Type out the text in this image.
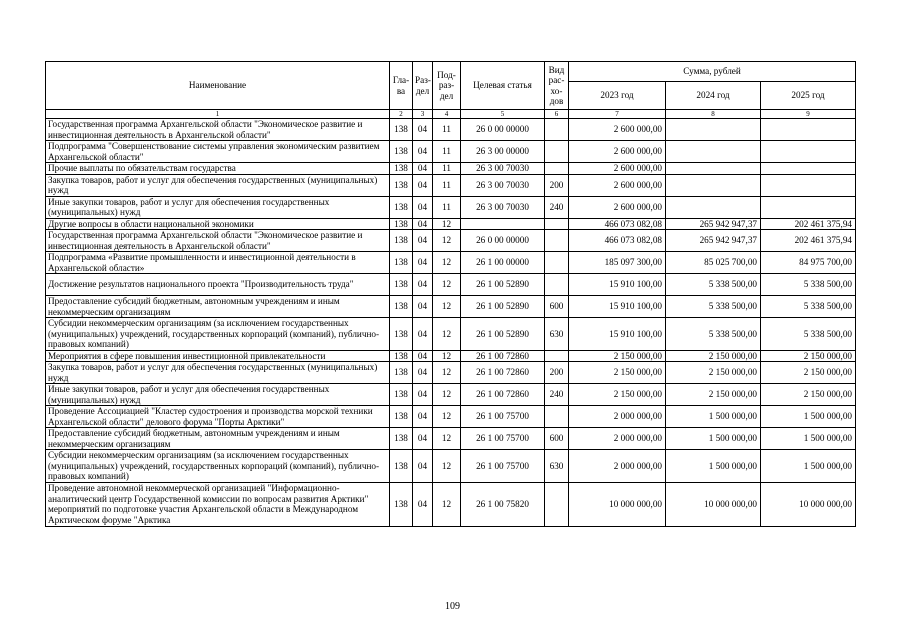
Наименование	Гла-ва	Раз-дел	Под-раз-дел	Целевая статья	Вид рас-хо-дов	Сумма, рублей		
						2023 год	2024 год	2025 год
1	2	3	4	5	6	7	8	9
Государственная программа Архангельской области "Экономическое развитие и инвестиционная деятельность в Архангельской области"	138	04	11	26 0 00 00000		2 600 000,00		
Подпрограмма "Совершенствование системы управления экономическим развитием Архангельской области"	138	04	11	26 3 00 00000		2 600 000,00		
Прочие выплаты по обязательствам государства	138	04	11	26 3 00 70030		2 600 000,00		
Закупка товаров, работ и услуг для обеспечения государственных (муниципальных) нужд	138	04	11	26 3 00 70030	200	2 600 000,00		
Иные закупки товаров, работ и услуг для обеспечения государственных (муниципальных) нужд	138	04	11	26 3 00 70030	240	2 600 000,00		
Другие вопросы в области национальной экономики	138	04	12			466 073 082,08	265 942 947,37	202 461 375,94
Государственная программа Архангельской области "Экономическое развитие и инвестиционная деятельность в Архангельской области"	138	04	12	26 0 00 00000		466 073 082,08	265 942 947,37	202 461 375,94
Подпрограмма «Развитие промышленности и инвестиционной деятельности в Архангельской области»	138	04	12	26 1 00 00000		185 097 300,00	85 025 700,00	84 975 700,00
Достижение результатов национального проекта "Производительность труда"	138	04	12	26 1 00 52890		15 910 100,00	5 338 500,00	5 338 500,00
Предоставление субсидий бюджетным, автономным учреждениям и иным некоммерческим организациям	138	04	12	26 1 00 52890	600	15 910 100,00	5 338 500,00	5 338 500,00
Субсидии некоммерческим организациям (за исключением государственных (муниципальных) учреждений, государственных корпораций (компаний), публично-правовых компаний)	138	04	12	26 1 00 52890	630	15 910 100,00	5 338 500,00	5 338 500,00
Мероприятия в сфере повышения инвестиционной привлекательности	138	04	12	26 1 00 72860		2 150 000,00	2 150 000,00	2 150 000,00
Закупка товаров, работ и услуг для обеспечения государственных (муниципальных) нужд	138	04	12	26 1 00 72860	200	2 150 000,00	2 150 000,00	2 150 000,00
Иные закупки товаров, работ и услуг для обеспечения государственных (муниципальных) нужд	138	04	12	26 1 00 72860	240	2 150 000,00	2 150 000,00	2 150 000,00
Проведение Ассоциацией "Кластер судостроения и производства морской техники Архангельской области" делового форума "Порты Арктики"	138	04	12	26 1 00 75700		2 000 000,00	1 500 000,00	1 500 000,00
Предоставление субсидий бюджетным, автономным учреждениям и иным некоммерческим организациям	138	04	12	26 1 00 75700	600	2 000 000,00	1 500 000,00	1 500 000,00
Субсидии некоммерческим организациям (за исключением государственных (муниципальных) учреждений, государственных корпораций (компаний), публично-правовых компаний)	138	04	12	26 1 00 75700	630	2 000 000,00	1 500 000,00	1 500 000,00
Проведение автономной некоммерческой организацией "Информационно-аналитический центр Государственной комиссии по вопросам развития Арктики" мероприятий по подготовке участия Архангельской области в Международном Арктическом форуме "Арктика	138	04	12	26 1 00 75820		10 000 000,00	10 000 000,00	10 000 000,00
109
